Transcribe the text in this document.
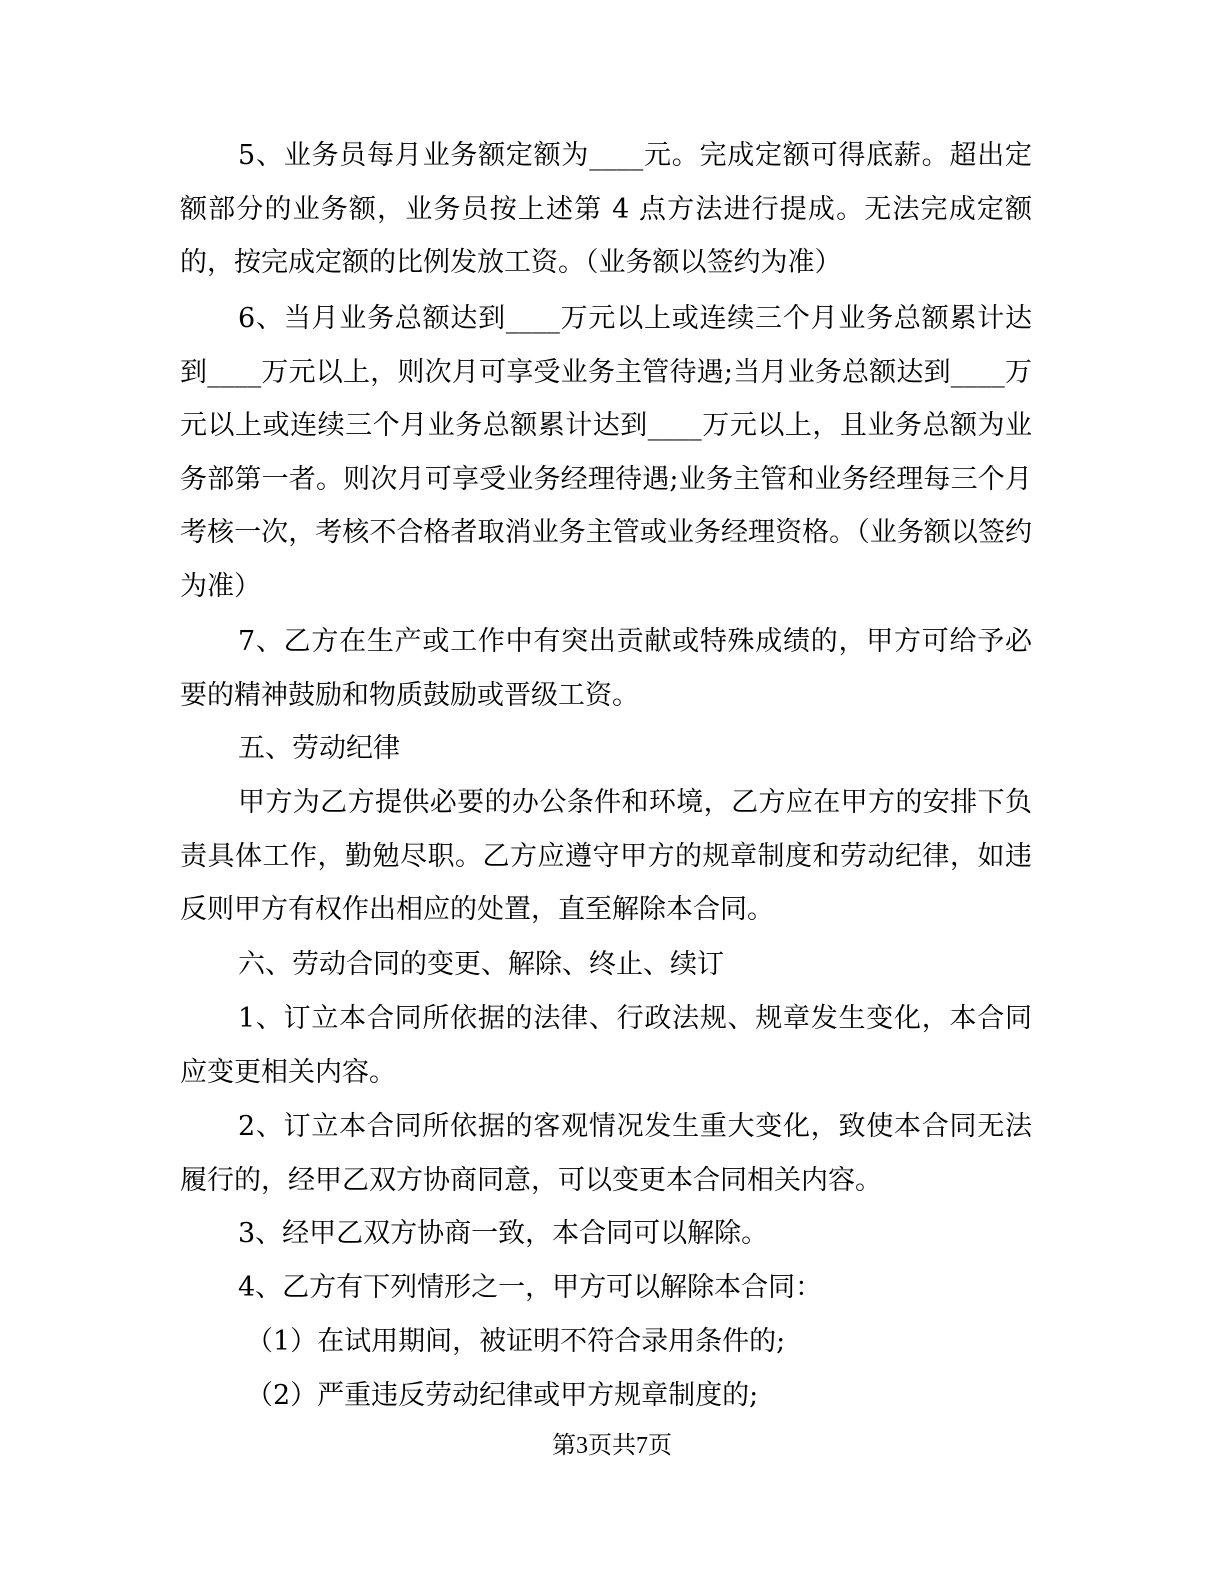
5、业务员每月业务额定额为____元。完成定额可得底薪。超出定额部分的业务额，业务员按上述第 4 点方法进行提成。无法完成定额的，按完成定额的比例发放工资。（业务额以签约为准）

6、当月业务总额达到____万元以上或连续三个月业务总额累计达到____万元以上，则次月可享受业务主管待遇;当月业务总额达到____万元以上或连续三个月业务总额累计达到____万元以上，且业务总额为业务部第一者。则次月可享受业务经理待遇;业务主管和业务经理每三个月考核一次，考核不合格者取消业务主管或业务经理资格。（业务额以签约为准）

7、乙方在生产或工作中有突出贡献或特殊成绩的，甲方可给予必要的精神鼓励和物质鼓励或晋级工资。

五、劳动纪律

甲方为乙方提供必要的办公条件和环境，乙方应在甲方的安排下负责具体工作，勤勉尽职。乙方应遵守甲方的规章制度和劳动纪律，如违反则甲方有权作出相应的处置，直至解除本合同。

六、劳动合同的变更、解除、终止、续订

1、订立本合同所依据的法律、行政法规、规章发生变化，本合同应变更相关内容。

2、订立本合同所依据的客观情况发生重大变化，致使本合同无法履行的，经甲乙双方协商同意，可以变更本合同相关内容。

3、经甲乙双方协商一致，本合同可以解除。

4、乙方有下列情形之一，甲方可以解除本合同：

（1）在试用期间，被证明不符合录用条件的;

（2）严重违反劳动纪律或甲方规章制度的;

第3页共7页
